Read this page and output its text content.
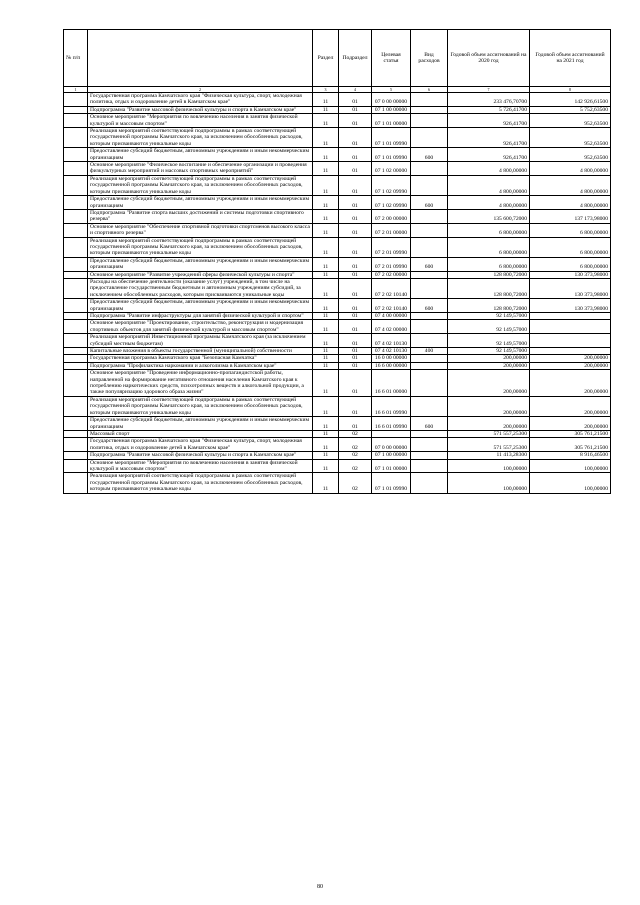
№ п/п		Раздел	Подраздел	Целевая статья	Вид расходов	Годовой объем ассигнований на 2020 год	Годовой объем ассигнований на 2021 год
1	2	3	4	5	6	7	8
	Государственная программа Камчатского края "Физическая культура, спорт, молодежная политика, отдых и оздоровление детей в Камчатском крае"	11	01	07 0 00 00000		233 476,70700	142 926,61500
	Подпрограмма "Развитие массовой физической культуры и спорта в Камчатском крае"	11	01	07 1 00 00000		5 726,41700	5 752,63500
	Основное мероприятие "Мероприятия по вовлечению населения в занятия физической культурой и массовым спортом"	11	01	07 1 01 00000		926,41700	952,63500
	Реализация мероприятий соответствующей подпрограммы в рамках соответствующей государственной программы Камчатского края, за исключением обособленных расходов, которым присваиваются уникальные коды	11	01	07 1 01 09990		926,41700	952,63500
	Предоставление субсидий бюджетным, автономным учреждениям и иным некоммерческим организациям	11	01	07 1 01 09990	600	926,41700	952,63500
	Основное мероприятие "Физическое воспитание и обеспечение организации и проведения физкультурных мероприятий и массовых спортивных мероприятий"	11	01	07 1 02 00000		4 800,00000	4 800,00000
	Реализация мероприятий соответствующей подпрограммы в рамках соответствующей государственной программы Камчатского края, за исключением обособленных расходов, которым присваиваются уникальные коды	11	01	07 1 02 09990		4 800,00000	4 800,00000
	Предоставление субсидий бюджетным, автономным учреждениям и иным некоммерческим организациям	11	01	07 1 02 09990	600	4 800,00000	4 800,00000
	Подпрограмма "Развитие спорта высших достижений и системы подготовки спортивного резерва"	11	01	07 2 00 00000		135 600,72000	137 173,98000
	Основное мероприятие "Обеспечение спортивной подготовки спортсменов высокого класса и спортивного резерва"	11	01	07 2 01 00000		6 800,00000	6 800,00000
	Реализация мероприятий соответствующей подпрограммы в рамках соответствующей государственной программы Камчатского края, за исключением обособленных расходов, которым присваиваются уникальные коды	11	01	07 2 01 09990		6 800,00000	6 800,00000
	Предоставление субсидий бюджетным, автономным учреждениям и иным некоммерческим организациям	11	01	07 2 01 09990	600	6 800,00000	6 800,00000
	Основное мероприятие "Развитие учреждений сферы физической культуры и спорта"	11	01	07 2 02 00000		128 800,72000	130 373,98000
	Расходы на обеспечение деятельности (оказание услуг) учреждений, в том числе на предоставление государственным бюджетным и автономным учреждениям субсидий, за исключением обособленных расходов, которым присваиваются уникальные коды	11	01	07 2 02 10140		128 800,72000	130 373,98000
	Предоставление субсидий бюджетным, автономным учреждениям и иным некоммерческим организациям	11	01	07 2 02 10140	600	128 800,72000	130 373,98000
	Подпрограмма "Развитие инфраструктуры для занятий физической культурой и спортом"	11	01	07 4 00 00000		92 149,57000	
	Основное мероприятие "Проектирование, строительство, реконструкция и модернизация спортивных объектов для занятий физической культурой и массовым спортом"	11	01	07 4 02 00000		92 149,57000	
	Реализация мероприятий Инвестиционной программы Камчатского края (за исключением субсидий местным бюджетам)	11	01	07 4 02 10130		92 149,57000	
	Капитальные вложения в объекты государственной (муниципальной) собственности	11	01	07 4 02 10130	400	92 149,57000	
	Государственная программа Камчатского края "Безопасная Камчатка"	11	01	16 0 00 00000		200,00000	200,00000
	Подпрограмма "Профилактика наркомании и алкоголизма в Камчатском крае"	11	01	16 6 00 00000		200,00000	200,00000
	Основное мероприятие "Проведение информационно-пропагандистской работы, направленной на формирование негативного отношения населения Камчатского края к потреблению наркотических средств, психотропных веществ и алкогольной продукции, а также популяризацию здорового образа жизни"	11	01	16 6 01 00000		200,00000	200,00000
	Реализация мероприятий соответствующей подпрограммы в рамках соответствующей государственной программы Камчатского края, за исключением обособленных расходов, которым присваиваются уникальные коды	11	01	16 6 01 09990		200,00000	200,00000
	Предоставление субсидий бюджетным, автономным учреждениям и иным некоммерческим организациям	11	01	16 6 01 09990	600	200,00000	200,00000
	Массовый спорт	11	02			571 557,25300	305 761,21500
	Государственная программа Камчатского края "Физическая культура, спорт, молодежная политика, отдых и оздоровление детей в Камчатском крае"	11	02	07 0 00 00000		571 557,25300	305 761,21500
	Подпрограмма "Развитие массовой физической культуры и спорта в Камчатском крае"	11	02	07 1 00 00000		11 413,28300	8 916,46500
	Основное мероприятие "Мероприятия по вовлечению населения в занятия физической культурой и массовым спортом"	11	02	07 1 01 00000		100,00000	100,00000
	Реализация мероприятий соответствующей подпрограммы в рамках соответствующей государственной программы Камчатского края, за исключением обособленных расходов, которым присваиваются уникальные коды	11	02	07 1 01 09990		100,00000	100,00000
80
